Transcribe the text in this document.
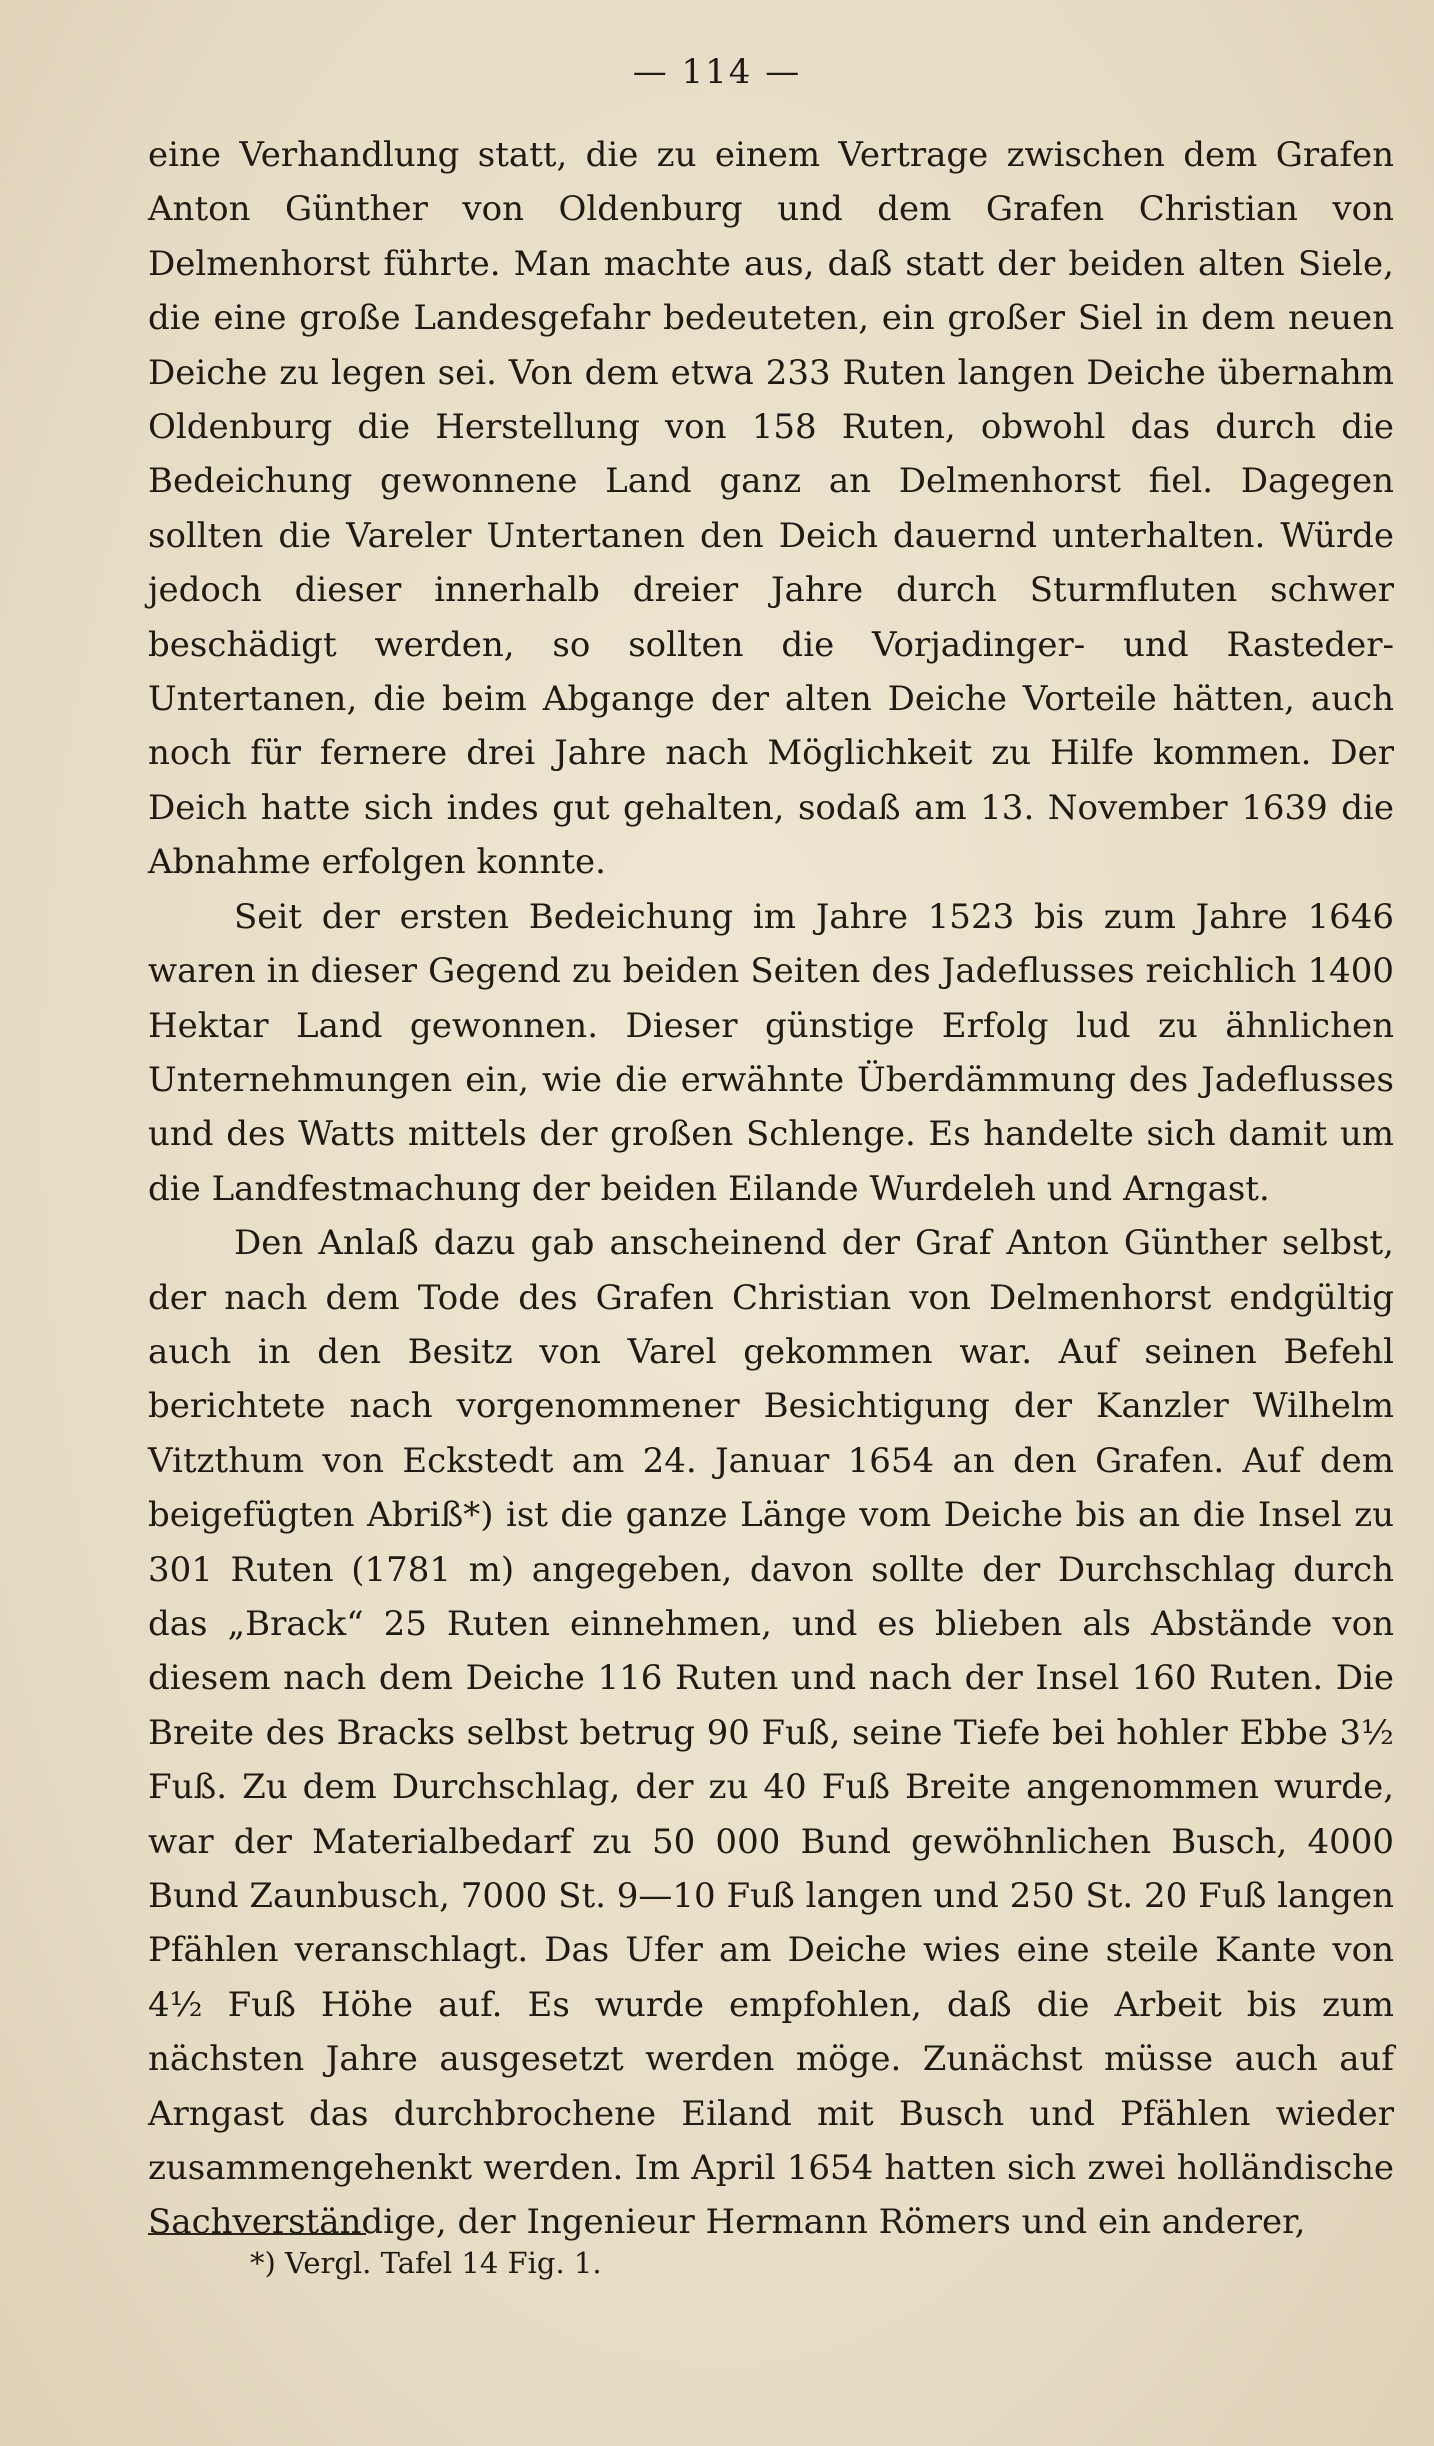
— 114 —

eine Verhandlung statt, die zu einem Vertrage zwischen dem Grafen Anton Günther von Oldenburg und dem Grafen Christian von Delmenhorst führte. Man machte aus, daß statt der beiden alten Siele, die eine große Landesgefahr bedeuteten, ein großer Siel in dem neuen Deiche zu legen sei. Von dem etwa 233 Ruten langen Deiche übernahm Oldenburg die Herstellung von 158 Ruten, obwohl das durch die Bedeichung gewonnene Land ganz an Delmenhorst fiel. Dagegen sollten die Vareler Untertanen den Deich dauernd unterhalten. Würde jedoch dieser innerhalb dreier Jahre durch Sturmfluten schwer beschädigt werden, so sollten die Vorjadinger- und Rasteder-Untertanen, die beim Abgange der alten Deiche Vorteile hätten, auch noch für fernere drei Jahre nach Möglichkeit zu Hilfe kommen. Der Deich hatte sich indes gut gehalten, sodaß am 13. November 1639 die Abnahme erfolgen konnte.

Seit der ersten Bedeichung im Jahre 1523 bis zum Jahre 1646 waren in dieser Gegend zu beiden Seiten des Jadeflusses reichlich 1400 Hektar Land gewonnen. Dieser günstige Erfolg lud zu ähnlichen Unternehmungen ein, wie die erwähnte Überdämmung des Jadeflusses und des Watts mittels der großen Schlenge. Es handelte sich damit um die Landfestmachung der beiden Eilande Wurdeleh und Arngast.

Den Anlaß dazu gab anscheinend der Graf Anton Günther selbst, der nach dem Tode des Grafen Christian von Delmenhorst endgültig auch in den Besitz von Varel gekommen war. Auf seinen Befehl berichtete nach vorgenommener Besichtigung der Kanzler Wilhelm Vitzthum von Eckstedt am 24. Januar 1654 an den Grafen. Auf dem beigefügten Abriß*) ist die ganze Länge vom Deiche bis an die Insel zu 301 Ruten (1781 m) angegeben, davon sollte der Durchschlag durch das „Brack“ 25 Ruten einnehmen, und es blieben als Abstände von diesem nach dem Deiche 116 Ruten und nach der Insel 160 Ruten. Die Breite des Bracks selbst betrug 90 Fuß, seine Tiefe bei hohler Ebbe 3½ Fuß. Zu dem Durchschlag, der zu 40 Fuß Breite angenommen wurde, war der Materialbedarf zu 50 000 Bund gewöhnlichen Busch, 4000 Bund Zaunbusch, 7000 St. 9—10 Fuß langen und 250 St. 20 Fuß langen Pfählen veranschlagt. Das Ufer am Deiche wies eine steile Kante von 4½ Fuß Höhe auf. Es wurde empfohlen, daß die Arbeit bis zum nächsten Jahre ausgesetzt werden möge. Zunächst müsse auch auf Arngast das durchbrochene Eiland mit Busch und Pfählen wieder zusammengehenkt werden. Im April 1654 hatten sich zwei holländische Sachverständige, der Ingenieur Hermann Römers und ein anderer,

*) Vergl. Tafel 14 Fig. 1.
